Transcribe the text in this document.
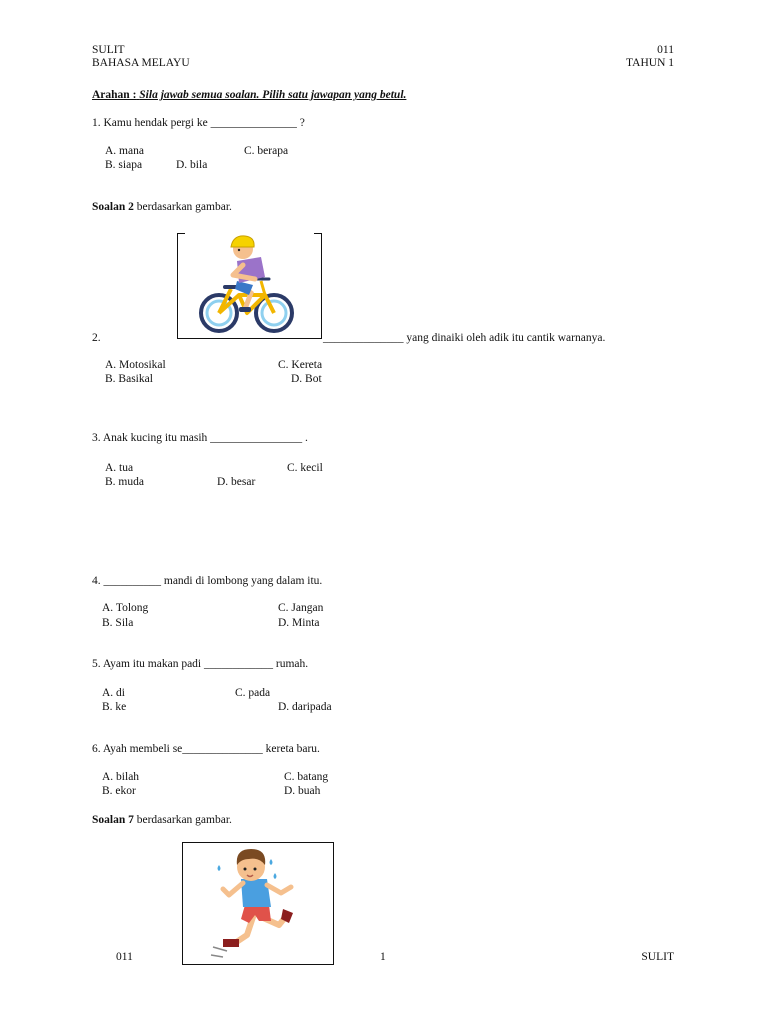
SULIT
BAHASA MELAYU
011
TAHUN 1
Arahan : Sila jawab semua soalan. Pilih satu jawapan yang betul.
1. Kamu hendak pergi ke _______________ ?
A. mana	C. berapa
B. siapa	D. bila
Soalan 2 berdasarkan gambar.
2.	______________ yang dinaiki oleh adik itu cantik warnanya.
A. Motosikal	C. Kereta
B. Basikal	D. Bot
3. Anak kucing itu masih ________________ .
A. tua	C. kecil
B. muda	D. besar
4. __________ mandi di lombong yang dalam itu.
A. Tolong	C. Jangan
B. Sila	D. Minta
5. Ayam itu makan padi ____________ rumah.
A. di	C. pada
B. ke	D. daripada
6. Ayah membeli se______________ kereta baru.
A. bilah	C. batang
B. ekor	D. buah
Soalan 7 berdasarkan gambar.
011	1	SULIT
